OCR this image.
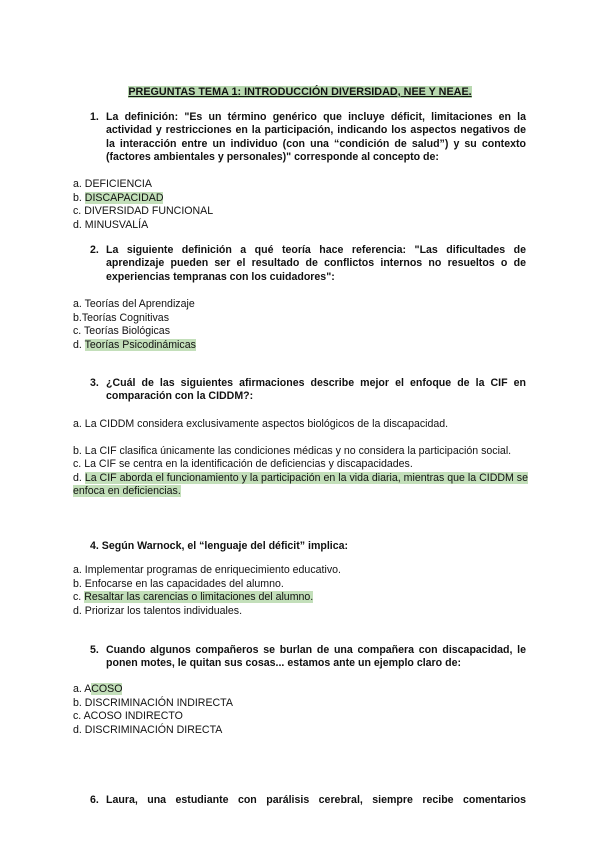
PREGUNTAS TEMA 1: INTRODUCCIÓN DIVERSIDAD, NEE Y NEAE.
1. La definición: "Es un término genérico que incluye déficit, limitaciones en la actividad y restricciones en la participación, indicando los aspectos negativos de la interacción entre un individuo (con una “condición de salud”) y su contexto (factores ambientales y personales)" corresponde al concepto de:
a. DEFICIENCIA
b. DISCAPACIDAD
c. DIVERSIDAD FUNCIONAL
d. MINUSVALÍA
2. La siguiente definición a qué teoría hace referencia: "Las dificultades de aprendizaje pueden ser el resultado de conflictos internos no resueltos o de experiencias tempranas con los cuidadores":
a. Teorías del Aprendizaje
b.Teorías Cognitivas
c. Teorías Biológicas
d. Teorías Psicodinámicas
3. ¿Cuál de las siguientes afirmaciones describe mejor el enfoque de la CIF en comparación con la CIDDM?:
a. La CIDDM considera exclusivamente aspectos biológicos de la discapacidad.
b. La CIF clasifica únicamente las condiciones médicas y no considera la participación social.
c. La CIF se centra en la identificación de deficiencias y discapacidades.
d. La CIF aborda el funcionamiento y la participación en la vida diaria, mientras que la CIDDM se enfoca en deficiencias.
4. Según Warnock, el “lenguaje del déficit” implica:
a. Implementar programas de enriquecimiento educativo.
b. Enfocarse en las capacidades del alumno.
c. Resaltar las carencias o limitaciones del alumno.
d. Priorizar los talentos individuales.
5. Cuando algunos compañeros se burlan de una compañera con discapacidad, le ponen motes, le quitan sus cosas... estamos ante un ejemplo claro de:
a. ACOSO
b. DISCRIMINACIÓN INDIRECTA
c. ACOSO INDIRECTO
d. DISCRIMINACIÓN DIRECTA
6. Laura, una estudiante con parálisis cerebral, siempre recibe comentarios
